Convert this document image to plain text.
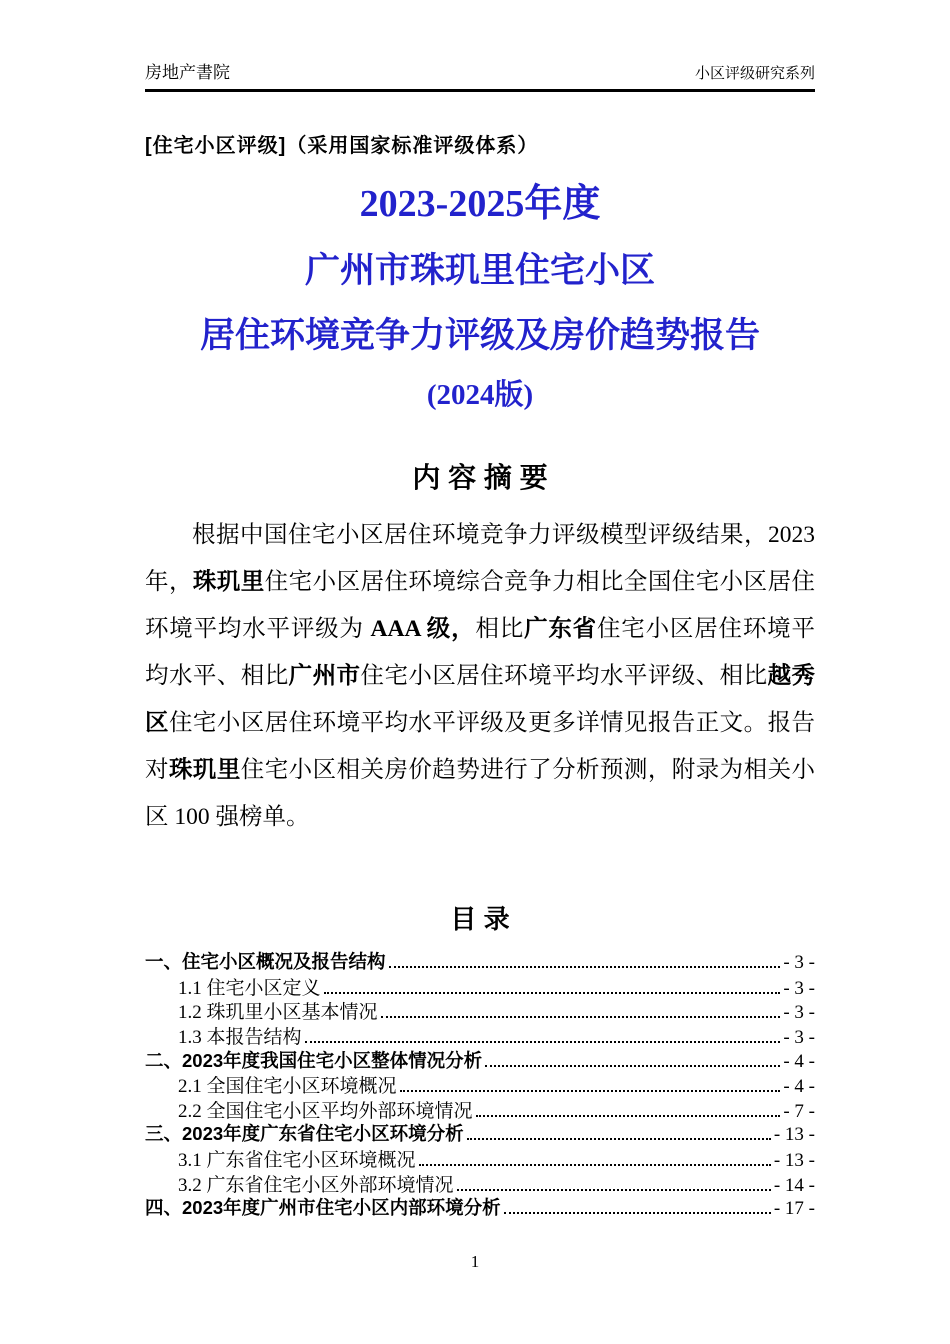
房地产書院	小区评级研究系列
[住宅小区评级]（采用国家标准评级体系）
2023-2025年度
广州市珠玑里住宅小区
居住环境竞争力评级及房价趋势报告
(2024版)
内 容 摘 要

根据中国住宅小区居住环境竞争力评级模型评级结果，2023 年，珠玑里住宅小区居住环境综合竞争力相比全国住宅小区居住环境平均水平评级为 AAA 级，相比广东省住宅小区居住环境平均水平、相比广州市住宅小区居住环境平均水平评级、相比越秀区住宅小区居住环境平均水平评级及更多详情见报告正文。报告对珠玑里住宅小区相关房价趋势进行了分析预测，附录为相关小区 100 强榜单。

目 录
一、住宅小区概况及报告结构	- 3 -
1.1 住宅小区定义	- 3 -
1.2 珠玑里小区基本情况	- 3 -
1.3 本报告结构	- 3 -
二、2023年度我国住宅小区整体情况分析	- 4 -
2.1 全国住宅小区环境概况	- 4 -
2.2 全国住宅小区平均外部环境情况	- 7 -
三、2023年度广东省住宅小区环境分析	- 13 -
3.1 广东省住宅小区环境概况	- 13 -
3.2 广东省住宅小区外部环境情况	- 14 -
四、2023年度广州市住宅小区内部环境分析	- 17 -
1
